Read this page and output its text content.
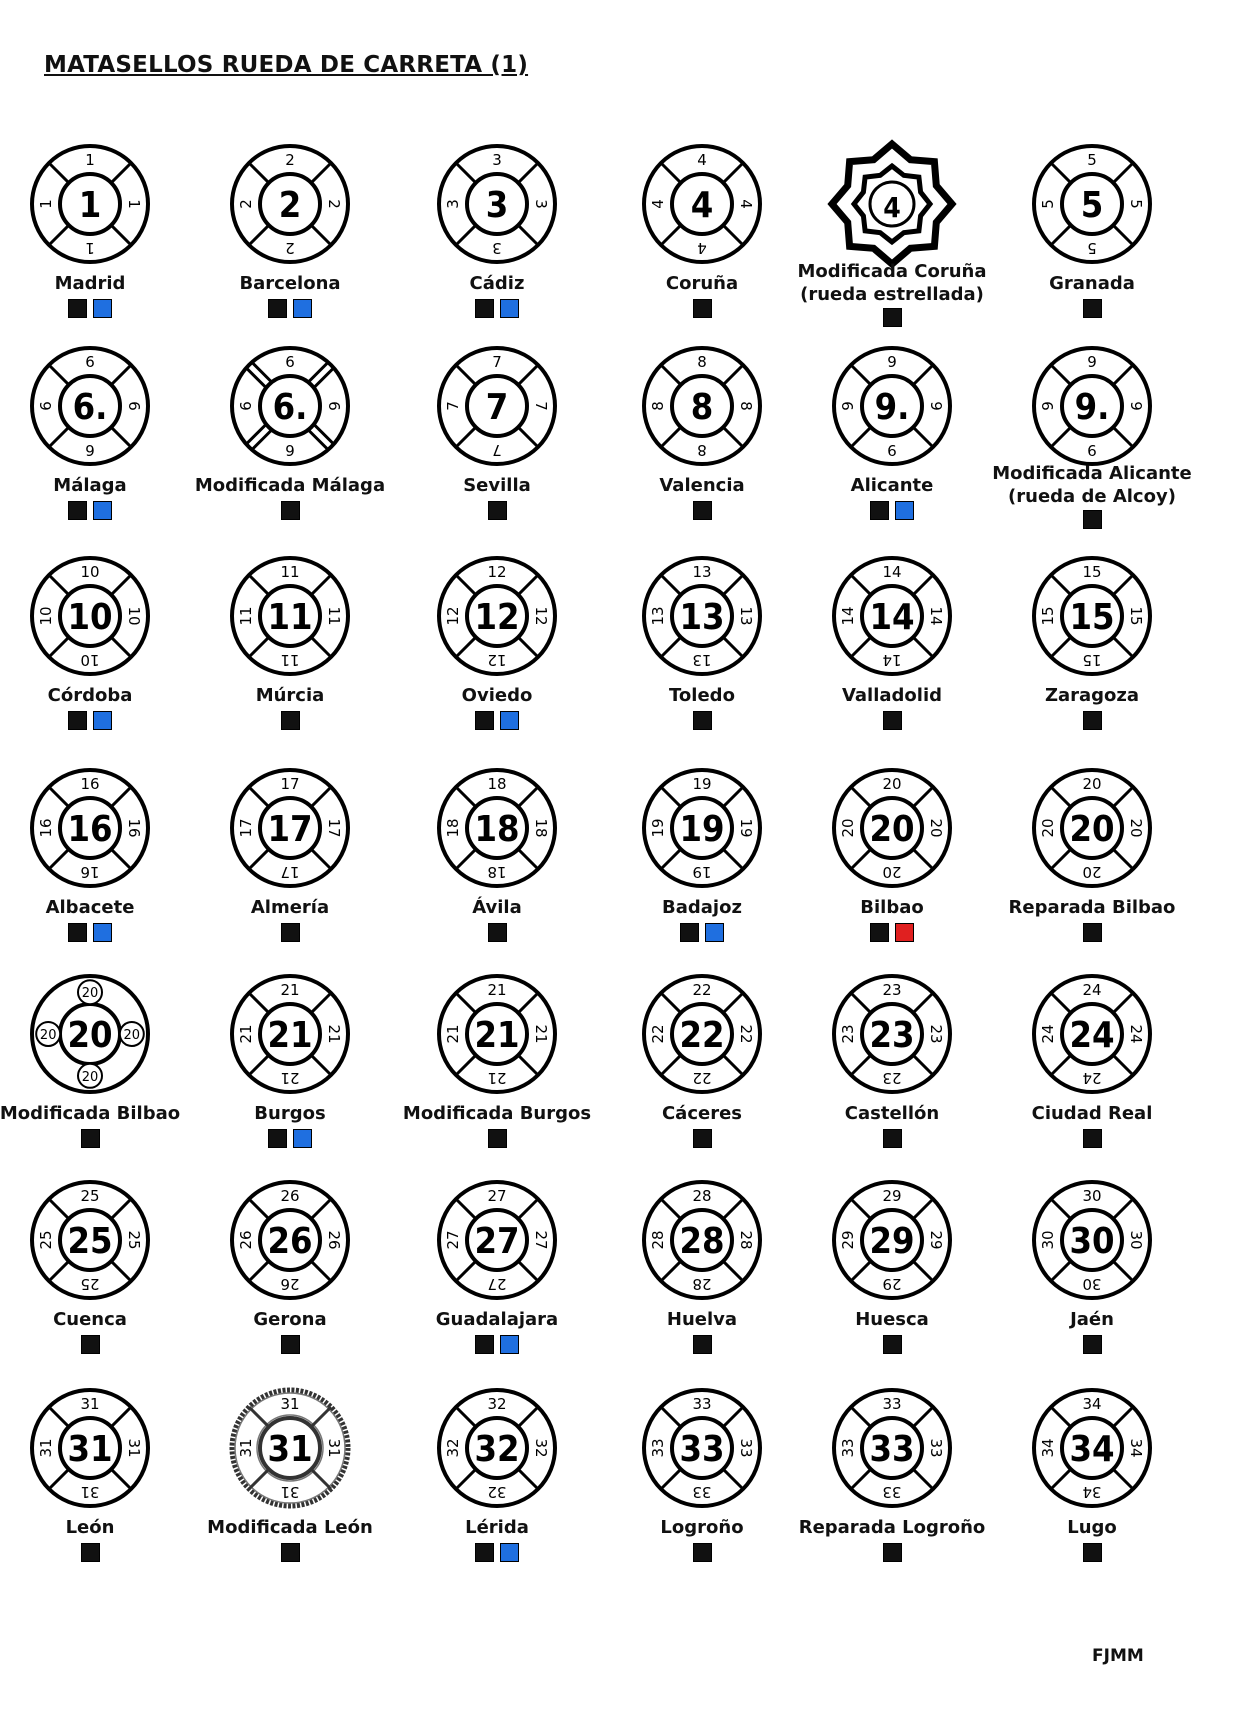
MATASELLOS RUEDA DE CARRETA (1)
1
1
1
1
1
Madrid
2
2
2
2
2
Barcelona
3
3
3
3
3
Cádiz
4
4
4
4
4
Coruña
4
Modificada Coruña
(rueda estrellada)
5
5
5
5
5
Granada
6.
6
6
6
6
Málaga
6.
6
6
6
6
Modificada Málaga
7
7
7
7
7
Sevilla
8
8
8
8
8
Valencia
9.
9
9
9
9
Alicante
9.
9
9
9
9
Modificada Alicante
(rueda de Alcoy)
10
10
10
10
10
Córdoba
11
11
11
11
11
Múrcia
12
12
12
12
12
Oviedo
13
13
13
13
13
Toledo
14
14
14
14
14
Valladolid
15
15
15
15
15
Zaragoza
16
16
16
16
16
Albacete
17
17
17
17
17
Almería
18
18
18
18
18
Ávila
19
19
19
19
19
Badajoz
20
20
20
20
20
Bilbao
20
20
20
20
20
Reparada Bilbao
20
20
20
20
20
Modificada Bilbao
21
21
21
21
21
Burgos
21
21
21
21
21
Modificada Burgos
22
22
22
22
22
Cáceres
23
23
23
23
23
Castellón
24
24
24
24
24
Ciudad Real
25
25
25
25
25
Cuenca
26
26
26
26
26
Gerona
27
27
27
27
27
Guadalajara
28
28
28
28
28
Huelva
29
29
29
29
29
Huesca
30
30
30
30
30
Jaén
31
31
31
31
31
León
31
31
31
31
31
Modificada León
32
32
32
32
32
Lérida
33
33
33
33
33
Logroño
33
33
33
33
33
Reparada Logroño
34
34
34
34
34
Lugo
FJMM
